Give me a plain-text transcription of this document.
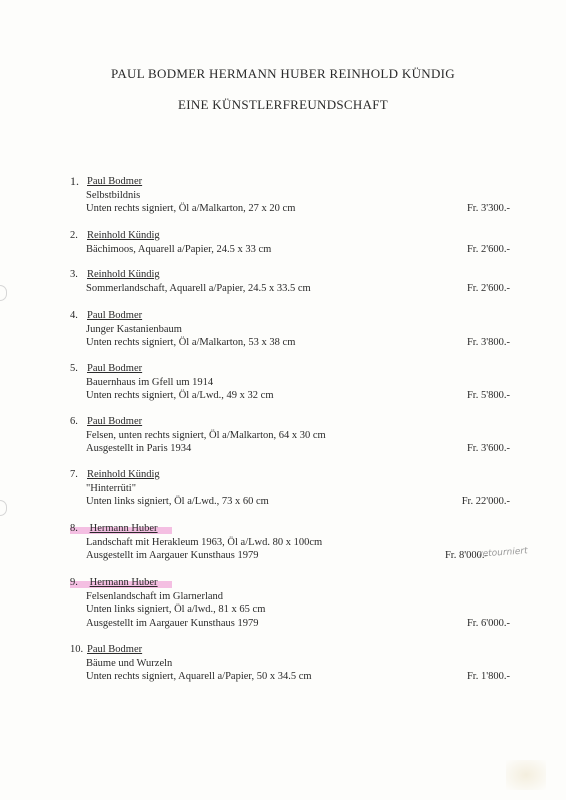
PAUL BODMER HERMANN HUBER REINHOLD KÜNDIG
EINE KÜNSTLERFREUNDSCHAFT
1. Paul Bodmer
Selbstbildnis
Unten rechts signiert, Öl a/Malkarton, 27 x 20 cm	Fr. 3'300.-
2. Reinhold Kündig
Bächimoos, Aquarell a/Papier, 24.5 x 33 cm	Fr. 2'600.-
3. Reinhold Kündig
Sommerlandschaft, Aquarell a/Papier, 24.5 x 33.5 cm	Fr. 2'600.-
4. Paul Bodmer
Junger Kastanienbaum
Unten rechts signiert, Öl a/Malkarton, 53 x 38 cm	Fr. 3'800.-
5. Paul Bodmer
Bauernhaus im Gfell um 1914
Unten rechts signiert, Öl a/Lwd., 49 x 32 cm	Fr. 5'800.-
6. Paul Bodmer
Felsen, unten rechts signiert, Öl a/Malkarton, 64 x 30 cm
Ausgestellt in Paris 1934	Fr. 3'600.-
7. Reinhold Kündig
"Hinterrüti"
Unten links signiert, Öl a/Lwd., 73 x 60 cm	Fr. 22'000.-
8. Hermann Huber
Landschaft mit Herakleum 1963, Öl a/Lwd. 80 x 100cm
Ausgestellt im Aargauer Kunsthaus 1979	Fr. 8'000.-
retourniert
9. Hermann Huber
Felsenlandschaft im Glarnerland
Unten links signiert, Öl a/lwd., 81 x 65 cm
Ausgestellt im Aargauer Kunsthaus 1979	Fr. 6'000.-
10. Paul Bodmer
Bäume und Wurzeln
Unten rechts signiert, Aquarell a/Papier, 50 x 34.5 cm	Fr. 1'800.-
